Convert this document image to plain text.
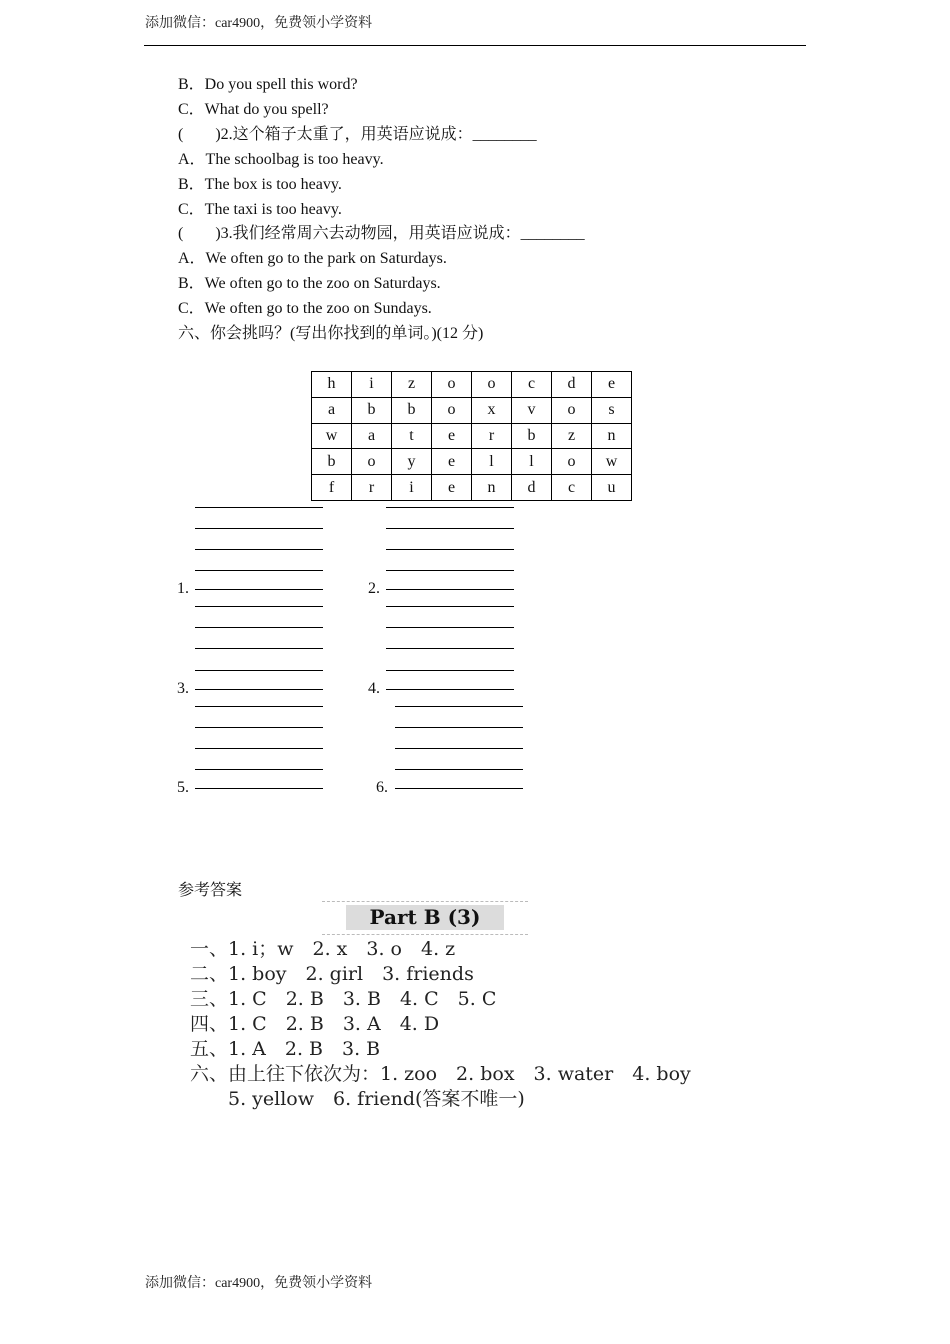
添加微信：car4900，免费领小学资料
B．Do you spell this word?
C．What do you spell?
(　　)2.这个箱子太重了，用英语应说成：________
A．The schoolbag is too heavy.
B．The box is too heavy.
C．The taxi is too heavy.
(　　)3.我们经常周六去动物园，用英语应说成：________
A．We often go to the park on Saturdays.
B．We often go to the zoo on Saturdays.
C．We often go to the zoo on Sundays.
六、你会挑吗？(写出你找到的单词。)(12 分)
h	i	z	o	o	c	d	e
a	b	b	o	x	v	o	s
w	a	t	e	r	b	z	n
b	o	y	e	l	l	o	w
f	r	i	e	n	d	c	u
1.	2.
3.	4.
5.	6.
参考答案
Part B (3)
一、1. i；w　2. x　3. o　4. z
二、1. boy　2. girl　3. friends
三、1. C　2. B　3. B　4. C　5. C
四、1. C　2. B　3. A　4. D
五、1. A　2. B　3. B
六、由上往下依次为：1. zoo　2. box　3. water　4. boy
　　5. yellow　6. friend(答案不唯一)
添加微信：car4900，免费领小学资料
